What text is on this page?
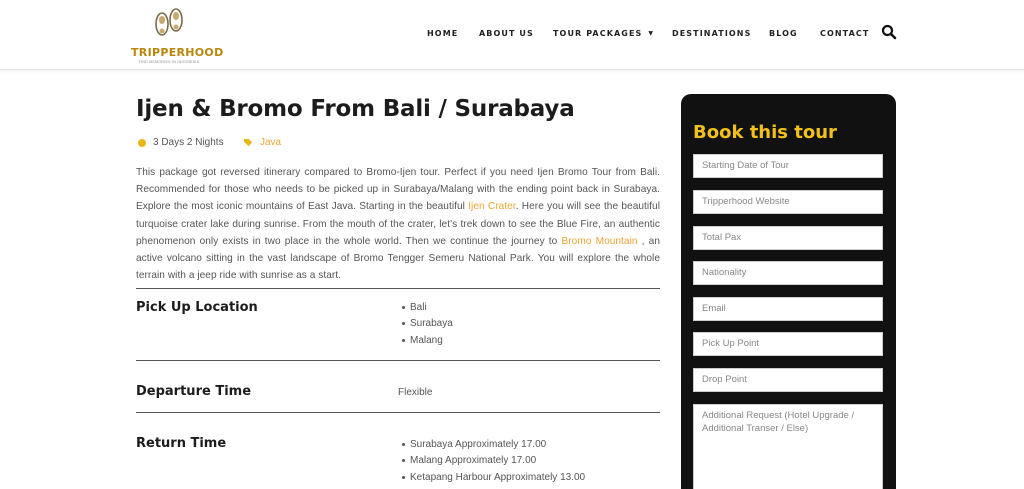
TRIPPERHOOD
FIND MEMORIES IN INDONESIA
HOME	ABOUT US TOUR PACKAGES ▼ DESTINATIONS BLOG	CONTACT
Ijen & Bromo From Bali / Surabaya
3 Days 2 Nights	Java

This package got reversed itinerary compared to Bromo-Ijen tour. Perfect if you need Ijen Bromo Tour from Bali. Recommended for those who needs to be picked up in Surabaya/Malang with the ending point back in Surabaya. Explore the most iconic mountains of East Java. Starting in the beautiful Ijen Crater. Here you will see the beautiful turquoise crater lake during sunrise. From the mouth of the crater, let’s trek down to see the Blue Fire, an authentic phenomenon only exists in two place in the whole world. Then we continue the journey to Bromo Mountain , an active volcano sitting in the vast landscape of Bromo Tengger Semeru National Park. You will explore the whole terrain with a jeep ride with sunrise as a start.

Pick Up Location	Bali
Surabaya
Malang
Departure Time	Flexible
Return Time	Surabaya Approximately 17.00
Malang Approximately 17.00
Ketapang Harbour Approximately 13.00
Book this tour
Starting Date of Tour
Tripperhood Website
Total Pax
Nationality
Email
Pick Up Point
Drop Point
Additional Request (Hotel Upgrade / Additional Transer / Else)
